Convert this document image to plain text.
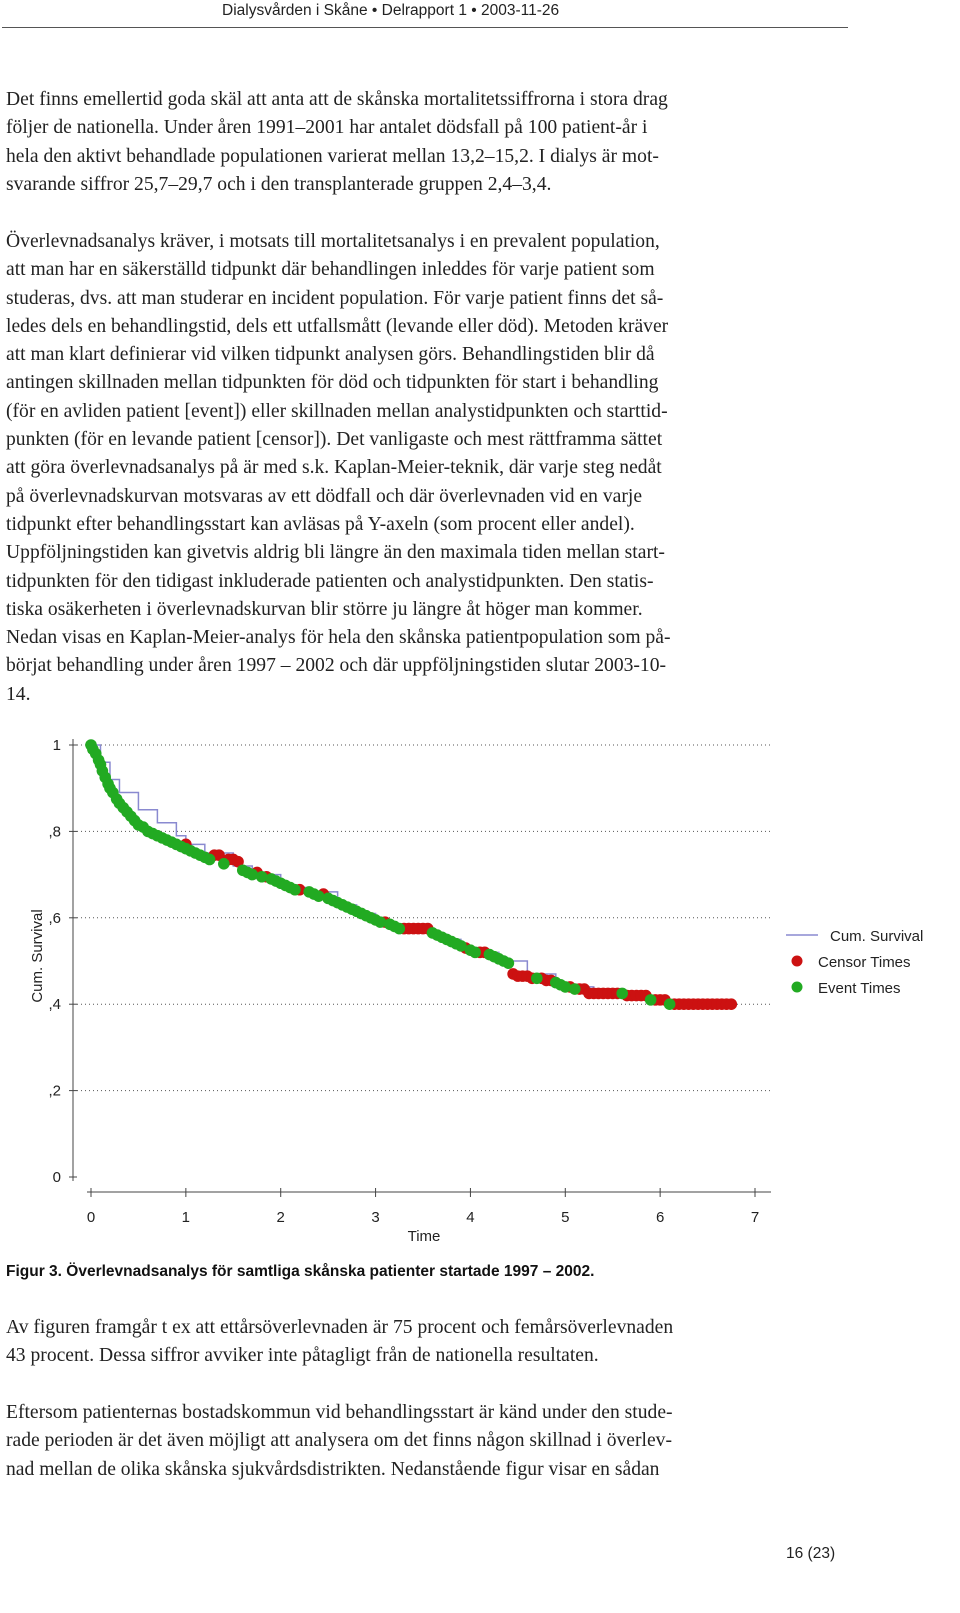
Dialysvården i Skåne • Delrapport 1 • 2003-11-26

Det finns emellertid goda skäl att anta att de skånska mortalitetssiffrorna i stora drag
följer de nationella. Under åren 1991–2001 har antalet dödsfall på 100 patient-år i
hela den aktivt behandlade populationen varierat mellan 13,2–15,2. I dialys är mot-
svarande siffror 25,7–29,7 och i den transplanterade gruppen 2,4–3,4.

Överlevnadsanalys kräver, i motsats till mortalitetsanalys i en prevalent population,
att man har en säkerställd tidpunkt där behandlingen inleddes för varje patient som
studeras, dvs. att man studerar en incident population. För varje patient finns det så-
ledes dels en behandlingstid, dels ett utfallsmått (levande eller död). Metoden kräver
att man klart definierar vid vilken tidpunkt analysen görs. Behandlingstiden blir då
antingen skillnaden mellan tidpunkten för död och tidpunkten för start i behandling
(för en avliden patient [event]) eller skillnaden mellan analystidpunkten och starttid-
punkten (för en levande patient [censor]). Det vanligaste och mest rättframma sättet
att göra överlevnadsanalys på är med s.k. Kaplan-Meier-teknik, där varje steg nedåt
på överlevnadskurvan motsvaras av ett dödfall och där överlevnaden vid en varje
tidpunkt efter behandlingsstart kan avläsas på Y-axeln (som procent eller andel).
Uppföljningstiden kan givetvis aldrig bli längre än den maximala tiden mellan start-
tidpunkten för den tidigast inkluderade patienten och analystidpunkten. Den statis-
tiska osäkerheten i överlevnadskurvan blir större ju längre åt höger man kommer.
Nedan visas en Kaplan-Meier-analys för hela den skånska patientpopulation som på-
börjat behandling under åren 1997 – 2002 och där uppföljningstiden slutar 2003-10-
14.

0
,2
,4
,6
,8
1
0	1	2	3	4	5	6	7
Time
Cum. Survival	Cum. Survival
Censor Times
Event Times
Figur 3. Överlevnadsanalys för samtliga skånska patienter startade 1997 – 2002.

Av figuren framgår t ex att ettårsöverlevnaden är 75 procent och femårsöverlevnaden
43 procent. Dessa siffror avviker inte påtagligt från de nationella resultaten.

Eftersom patienternas bostadskommun vid behandlingsstart är känd under den stude-
rade perioden är det även möjligt att analysera om det finns någon skillnad i överlev-
nad mellan de olika skånska sjukvårdsdistrikten. Nedanstående figur visar en sådan

16 (23)
